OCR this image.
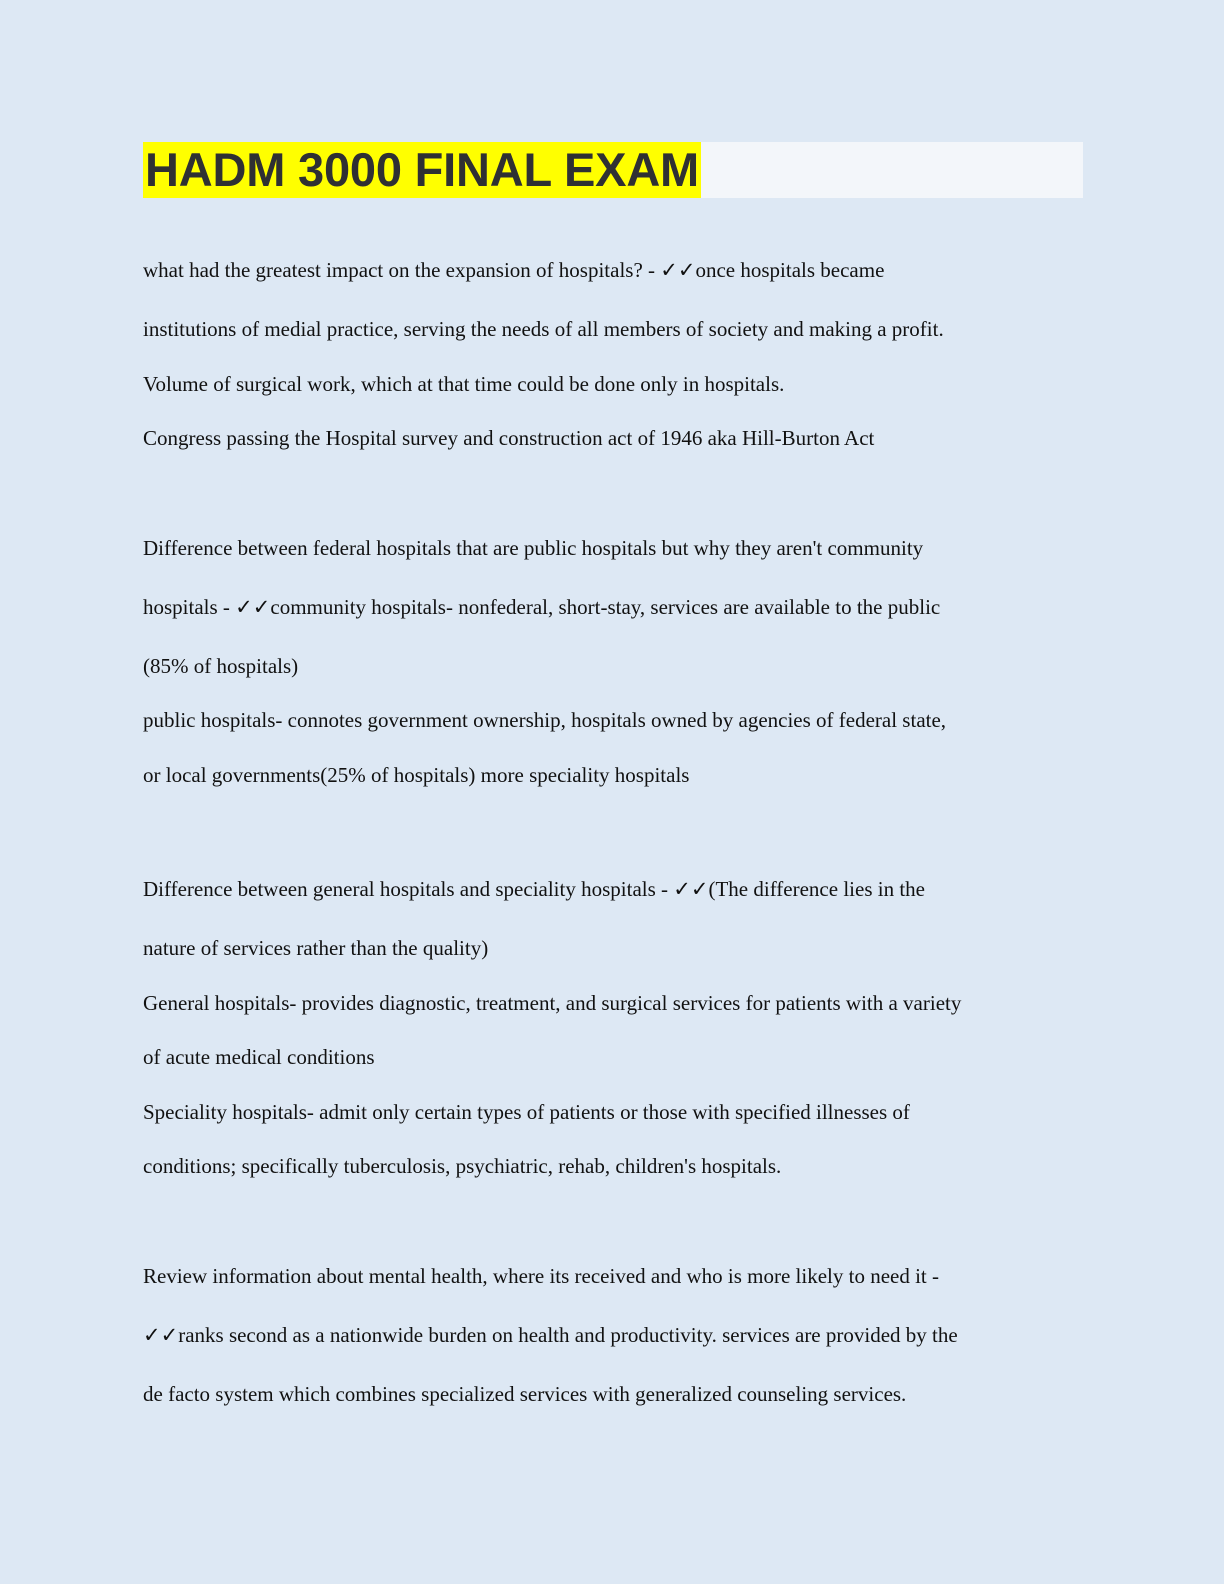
HADM 3000 FINAL EXAM
what had the greatest impact on the expansion of hospitals? - ✓✓once hospitals became
institutions of medial practice, serving the needs of all members of society and making a profit.
Volume of surgical work, which at that time could be done only in hospitals.
Congress passing the Hospital survey and construction act of 1946 aka Hill-Burton Act
Difference between federal hospitals that are public hospitals but why they aren't community
hospitals - ✓✓community hospitals- nonfederal, short-stay, services are available to the public
(85% of hospitals)
public hospitals- connotes government ownership, hospitals owned by agencies of federal state,
or local governments(25% of hospitals) more speciality hospitals
Difference between general hospitals and speciality hospitals - ✓✓(The difference lies in the
nature of services rather than the quality)
General hospitals- provides diagnostic, treatment, and surgical services for patients with a variety
of acute medical conditions
Speciality hospitals- admit only certain types of patients or those with specified illnesses of
conditions; specifically tuberculosis, psychiatric, rehab, children's hospitals.
Review information about mental health, where its received and who is more likely to need it -
✓✓ranks second as a nationwide burden on health and productivity. services are provided by the
de facto system which combines specialized services with generalized counseling services.
